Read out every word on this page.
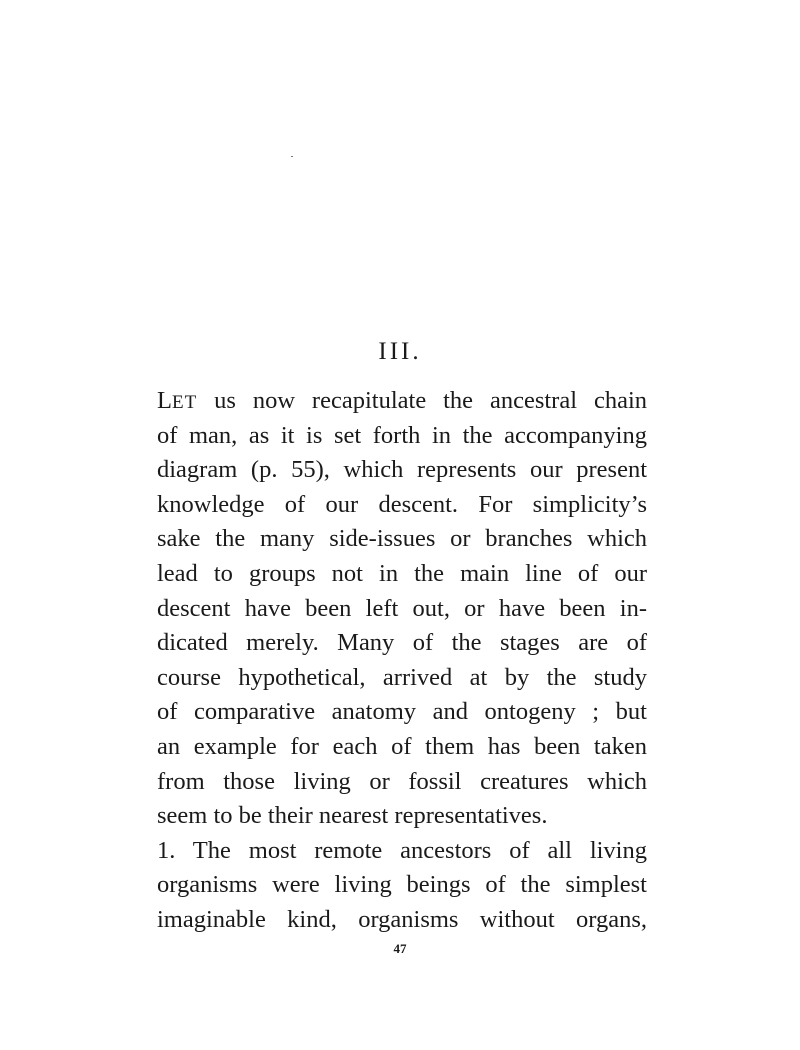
III.
LET us now recapitulate the ancestral chain
of man, as it is set forth in the accompanying
diagram (p. 55), which represents our present
knowledge of our descent. For simplicity’s
sake the many side-issues or branches which
lead to groups not in the main line of our
descent have been left out, or have been in-
dicated merely. Many of the stages are of
course hypothetical, arrived at by the study
of comparative anatomy and ontogeny ; but
an example for each of them has been taken
from those living or fossil creatures which
seem to be their nearest representatives.
1. The most remote ancestors of all living
organisms were living beings of the simplest
imaginable kind, organisms without organs,
47
